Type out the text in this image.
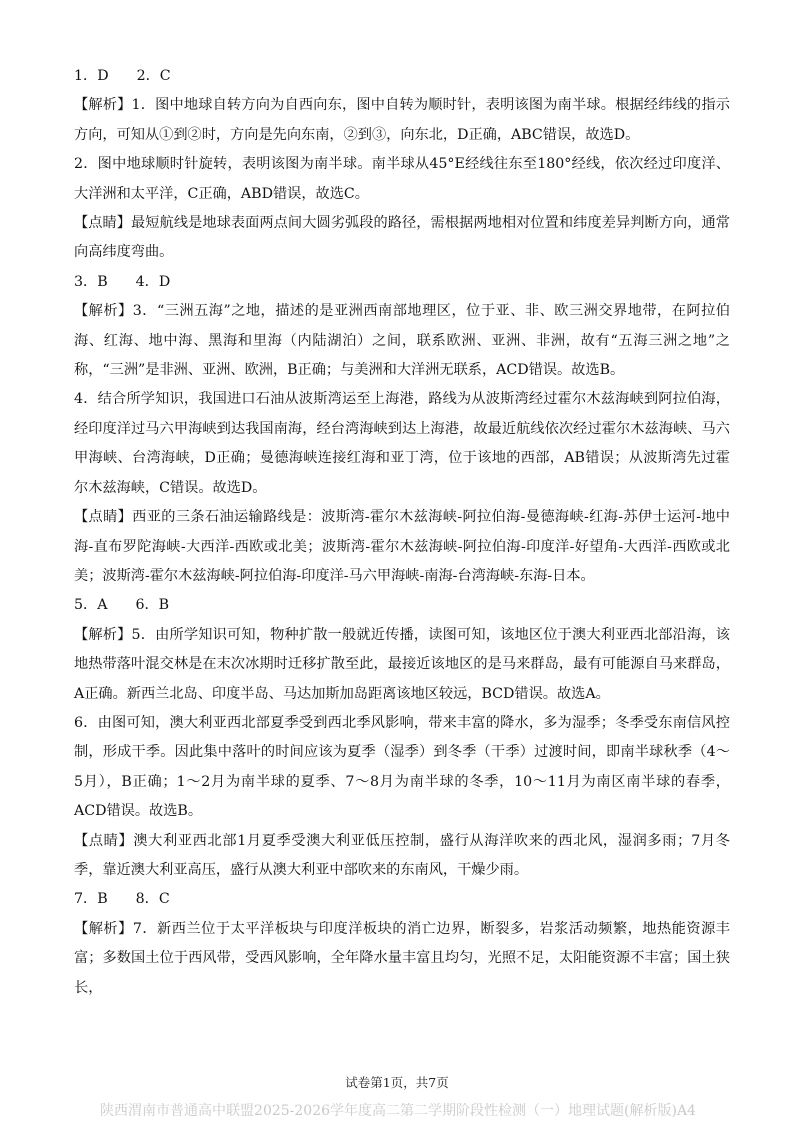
1．D 2．C

【解析】1．图中地球自转方向为自西向东，图中自转为顺时针，表明该图为南半球。根据经纬线的指示方向，可知从①到②时，方向是先向东南，②到③，向东北，D正确，ABC错误，故选D。

2．图中地球顺时针旋转，表明该图为南半球。南半球从45°E经线往东至180°经线，依次经过印度洋、大洋洲和太平洋，C正确，ABD错误，故选C。

【点睛】最短航线是地球表面两点间大圆劣弧段的路径，需根据两地相对位置和纬度差异判断方向，通常向高纬度弯曲。

3．B 4．D

【解析】3．“三洲五海”之地，描述的是亚洲西南部地理区，位于亚、非、欧三洲交界地带，在阿拉伯海、红海、地中海、黑海和里海（内陆湖泊）之间，联系欧洲、亚洲、非洲，故有“五海三洲之地”之称，“三洲”是非洲、亚洲、欧洲，B正确；与美洲和大洋洲无联系，ACD错误。故选B。

4．结合所学知识，我国进口石油从波斯湾运至上海港，路线为从波斯湾经过霍尔木兹海峡到阿拉伯海，经印度洋过马六甲海峡到达我国南海，经台湾海峡到达上海港，故最近航线依次经过霍尔木兹海峡、马六甲海峡、台湾海峡，D正确；曼德海峡连接红海和亚丁湾，位于该地的西部，AB错误；从波斯湾先过霍尔木兹海峡，C错误。故选D。

【点睛】西亚的三条石油运输路线是：波斯湾-霍尔木兹海峡-阿拉伯海-曼德海峡-红海-苏伊士运河-地中海-直布罗陀海峡-大西洋-西欧或北美；波斯湾-霍尔木兹海峡-阿拉伯海-印度洋-好望角-大西洋-西欧或北美；波斯湾-霍尔木兹海峡-阿拉伯海-印度洋-马六甲海峡-南海-台湾海峡-东海-日本。

5．A 6．B

【解析】5．由所学知识可知，物种扩散一般就近传播，读图可知，该地区位于澳大利亚西北部沿海，该地热带落叶混交林是在末次冰期时迁移扩散至此，最接近该地区的是马来群岛，最有可能源自马来群岛，A正确。新西兰北岛、印度半岛、马达加斯加岛距离该地区较远，BCD错误。故选A。

6．由图可知，澳大利亚西北部夏季受到西北季风影响，带来丰富的降水，多为湿季；冬季受东南信风控制，形成干季。因此集中落叶的时间应该为夏季（湿季）到冬季（干季）过渡时间，即南半球秋季（4～5月），B正确；1～2月为南半球的夏季、7～8月为南半球的冬季，10～11月为南区南半球的春季，ACD错误。故选B。

【点睛】澳大利亚西北部1月夏季受澳大利亚低压控制，盛行从海洋吹来的西北风，湿润多雨；7月冬季，靠近澳大利亚高压，盛行从澳大利亚中部吹来的东南风，干燥少雨。

7．B 8．C

【解析】7．新西兰位于太平洋板块与印度洋板块的消亡边界，断裂多，岩浆活动频繁，地热能资源丰富；多数国土位于西风带，受西风影响，全年降水量丰富且均匀，光照不足，太阳能资源不丰富；国土狭长，

试卷第1页，共7页
陕西渭南市普通高中联盟2025-2026学年度高二第二学期阶段性检测（一）地理试题(解析版)A4
